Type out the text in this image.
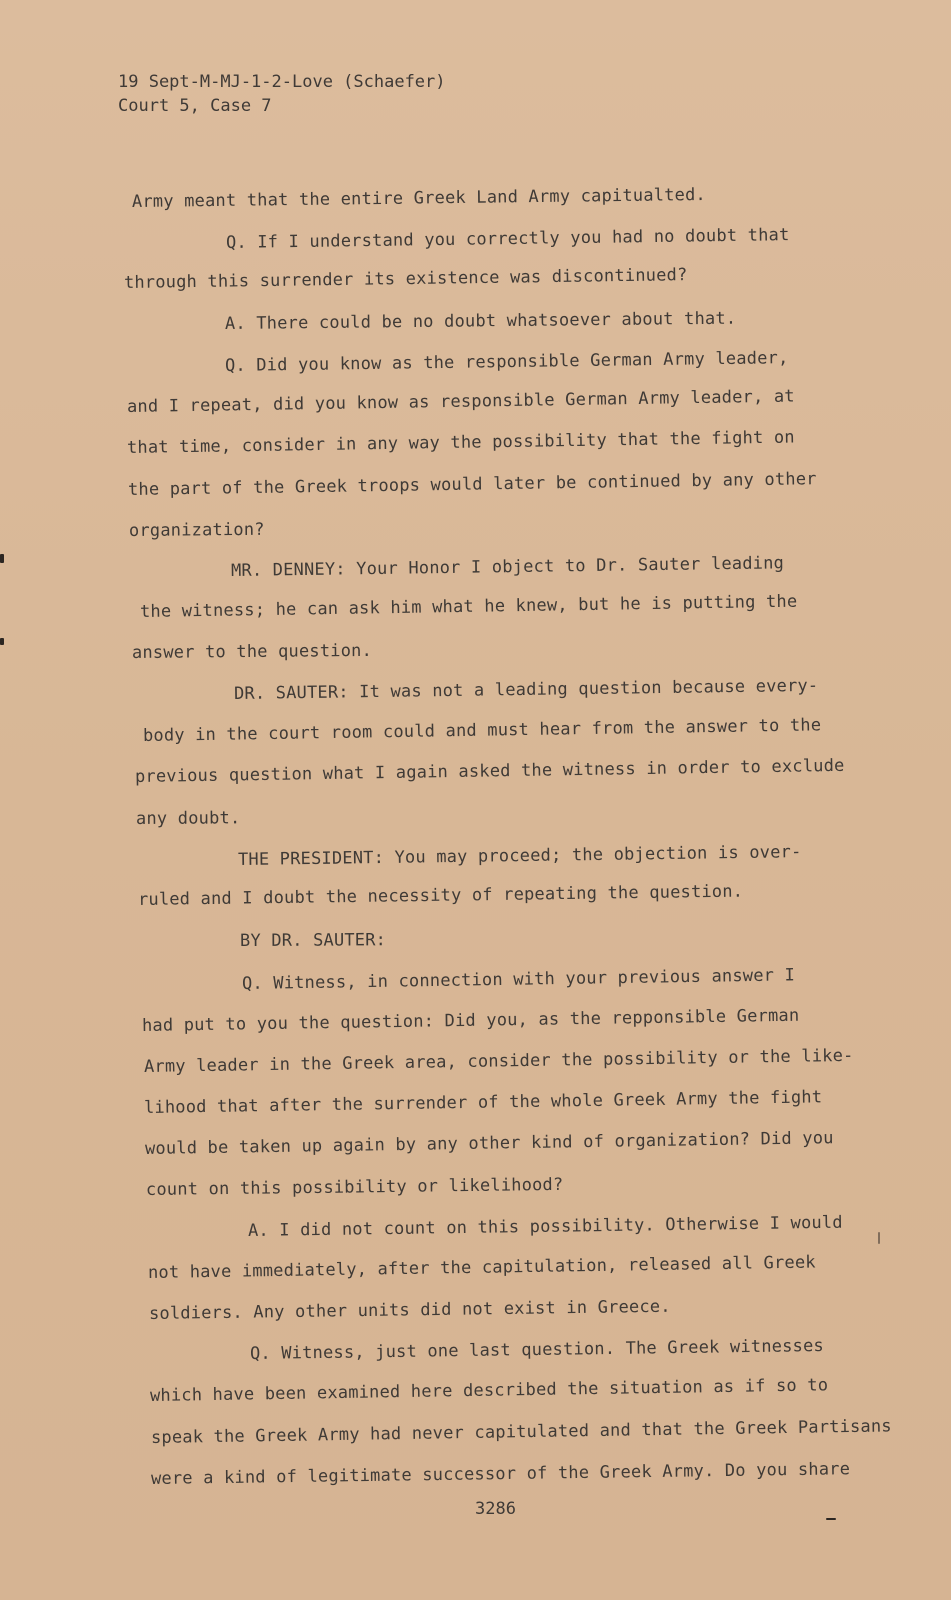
19 Sept-M-MJ-1-2-Love (Schaefer)
Court 5, Case 7
Army meant that the entire Greek Land Army capitualted.
Q. If I understand you correctly you had no doubt that
through this surrender its existence was discontinued?
A. There could be no doubt whatsoever about that.
Q. Did you know as the responsible German Army leader,
and I repeat, did you know as responsible German Army leader, at
that time, consider in any way the possibility that the fight on
the part of the Greek troops would later be continued by any other
organization?
MR. DENNEY: Your Honor I object to Dr. Sauter leading
the witness; he can ask him what he knew, but he is putting the
answer to the question.
DR. SAUTER: It was not a leading question because every-
body in the court room could and must hear from the answer to the
previous question what I again asked the witness in order to exclude
any doubt.
THE PRESIDENT: You may proceed; the objection is over-
ruled and I doubt the necessity of repeating the question.
BY DR. SAUTER:
Q. Witness, in connection with your previous answer I
had put to you the question: Did you, as the repponsible German
Army leader in the Greek area, consider the possibility or the like-
lihood that after the surrender of the whole Greek Army the fight
would be taken up again by any other kind of organization? Did you
count on this possibility or likelihood?
A. I did not count on this possibility. Otherwise I would
not have immediately, after the capitulation, released all Greek
soldiers. Any other units did not exist in Greece.
Q. Witness, just one last question. The Greek witnesses
which have been examined here described the situation as if so to
speak the Greek Army had never capitulated and that the Greek Partisans
were a kind of legitimate successor of the Greek Army. Do you share
3286
